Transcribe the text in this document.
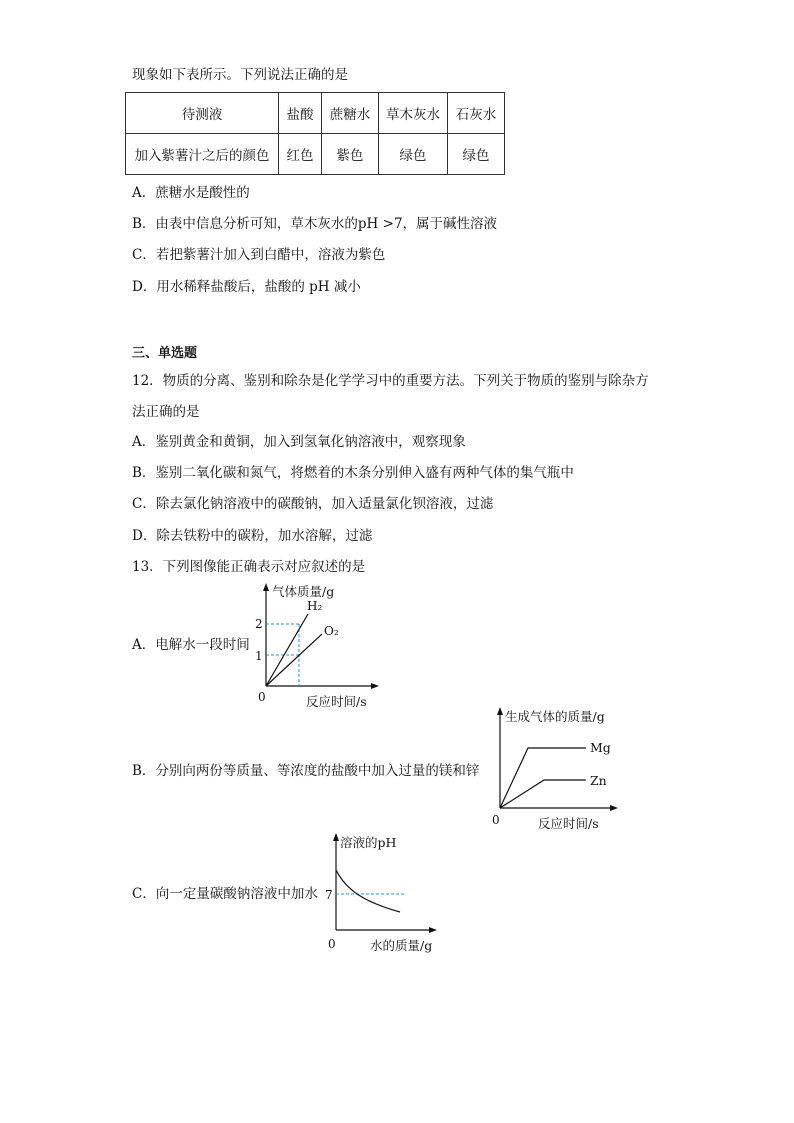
现象如下表所示。下列说法正确的是
待测液	盐酸	蔗糖水	草木灰水	石灰水
加入紫薯汁之后的颜色	红色	紫色	绿色	绿色
A．蔗糖水是酸性的
B．由表中信息分析可知，草木灰水的pH >7，属于碱性溶液
C．若把紫薯汁加入到白醋中，溶液为紫色
D．用水稀释盐酸后，盐酸的 pH 减小
三、单选题
12．物质的分离、鉴别和除杂是化学学习中的重要方法。下列关于物质的鉴别与除杂方
法正确的是
A．鉴别黄金和黄铜，加入到氢氧化钠溶液中，观察现象
B．鉴别二氧化碳和氮气，将燃着的木条分别伸入盛有两种气体的集气瓶中
C．除去氯化钠溶液中的碳酸钠，加入适量氯化钡溶液，过滤
D．除去铁粉中的碳粉，加水溶解，过滤
13．下列图像能正确表示对应叙述的是
A．电解水一段时间
B．分别向两份等质量、等浓度的盐酸中加入过量的镁和锌
C．向一定量碳酸钠溶液中加水
气体质量/g
反应时间/s
0
2
1
H₂
O₂
生成气体的质量/g
反应时间/s
0
Mg
Zn
溶液的pH
水的质量/g
0
7
